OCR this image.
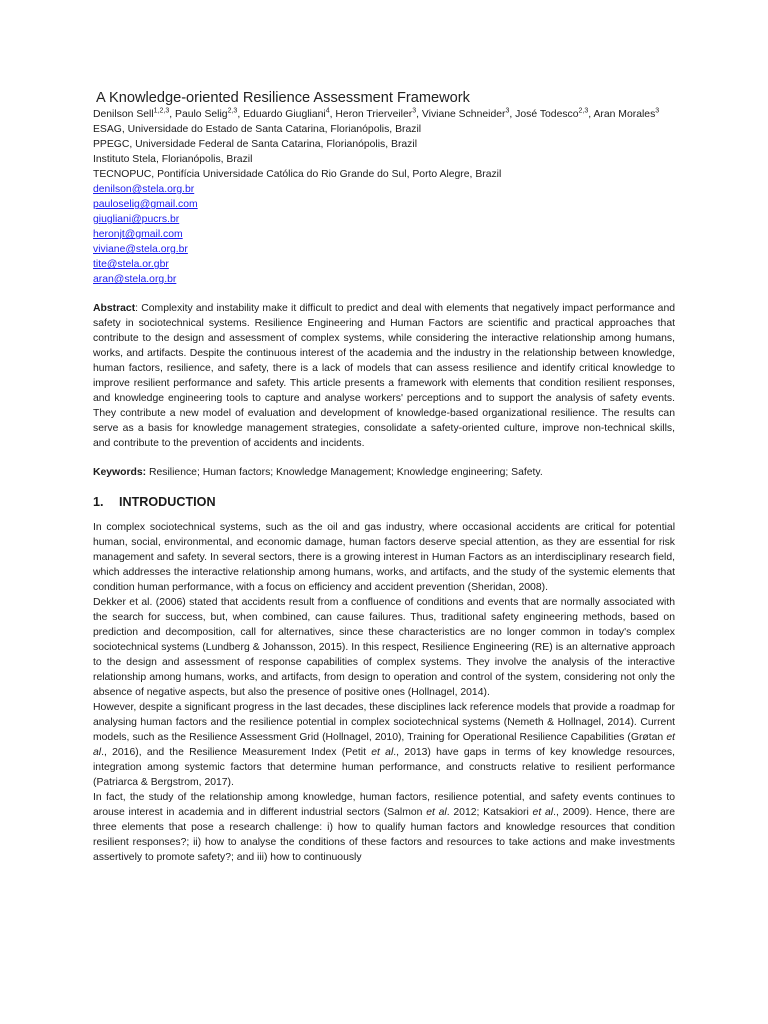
A Knowledge-oriented Resilience Assessment Framework

Denilson Sell$^{1,2,3}$, Paulo Selig$^{2,3}$, Eduardo Giugliani$^4$, Heron Trierveiler$^3$, Viviane Schneider$^3$, José Todesco$^{2,3}$, Aran Morales$^3$

ESAG, Universidade do Estado de Santa Catarina, Florianópolis, Brazil
PPEGC, Universidade Federal de Santa Catarina, Florianópolis, Brazil
Instituto Stela, Florianópolis, Brazil
TECNOPUC, Pontifícia Universidade Católica do Rio Grande do Sul, Porto Alegre, Brazil
denilson@stela.org.br
pauloselig@gmail.com
giugliani@pucrs.br
heronjt@gmail.com
viviane@stela.org.br
tite@stela.or.gbr
aran@stela.org.br

Abstract: Complexity and instability make it difficult to predict and deal with elements that negatively impact performance and safety in sociotechnical systems. Resilience Engineering and Human Factors are scientific and practical approaches that contribute to the design and assessment of complex systems, while considering the interactive relationship among humans, works, and artifacts. Despite the continuous interest of the academia and the industry in the relationship between knowledge, human factors, resilience, and safety, there is a lack of models that can assess resilience and identify critical knowledge to improve resilient performance and safety. This article presents a framework with elements that condition resilient responses, and knowledge engineering tools to capture and analyse workers' perceptions and to support the analysis of safety events. They contribute a new model of evaluation and development of knowledge-based organizational resilience. The results can serve as a basis for knowledge management strategies, consolidate a safety-oriented culture, improve non-technical skills, and contribute to the prevention of accidents and incidents.

Keywords: Resilience; Human factors; Knowledge Management; Knowledge engineering; Safety.

1. INTRODUCTION

In complex sociotechnical systems, such as the oil and gas industry, where occasional accidents are critical for potential human, social, environmental, and economic damage, human factors deserve special attention, as they are essential for risk management and safety. In several sectors, there is a growing interest in Human Factors as an interdisciplinary research field, which addresses the interactive relationship among humans, works, and artifacts, and the study of the systemic elements that condition human performance, with a focus on efficiency and accident prevention (Sheridan, 2008).

Dekker et al. (2006) stated that accidents result from a confluence of conditions and events that are normally associated with the search for success, but, when combined, can cause failures. Thus, traditional safety engineering methods, based on prediction and decomposition, call for alternatives, since these characteristics are no longer common in today's complex sociotechnical systems (Lundberg & Johansson, 2015). In this respect, Resilience Engineering (RE) is an alternative approach to the design and assessment of response capabilities of complex systems. They involve the analysis of the interactive relationship among humans, works, and artifacts, from design to operation and control of the system, considering not only the absence of negative aspects, but also the presence of positive ones (Hollnagel, 2014).

However, despite a significant progress in the last decades, these disciplines lack reference models that provide a roadmap for analysing human factors and the resilience potential in complex sociotechnical systems (Nemeth & Hollnagel, 2014). Current models, such as the Resilience Assessment Grid (Hollnagel, 2010), Training for Operational Resilience Capabilities (Grøtan et al., 2016), and the Resilience Measurement Index (Petit et al., 2013) have gaps in terms of key knowledge resources, integration among systemic factors that determine human performance, and constructs relative to resilient performance (Patriarca & Bergstrom, 2017).

In fact, the study of the relationship among knowledge, human factors, resilience potential, and safety events continues to arouse interest in academia and in different industrial sectors (Salmon et al. 2012; Katsakiori et al., 2009). Hence, there are three elements that pose a research challenge: i) how to qualify human factors and knowledge resources that condition resilient responses?; ii) how to analyse the conditions of these factors and resources to take actions and make investments assertively to promote safety?; and iii) how to continuously
